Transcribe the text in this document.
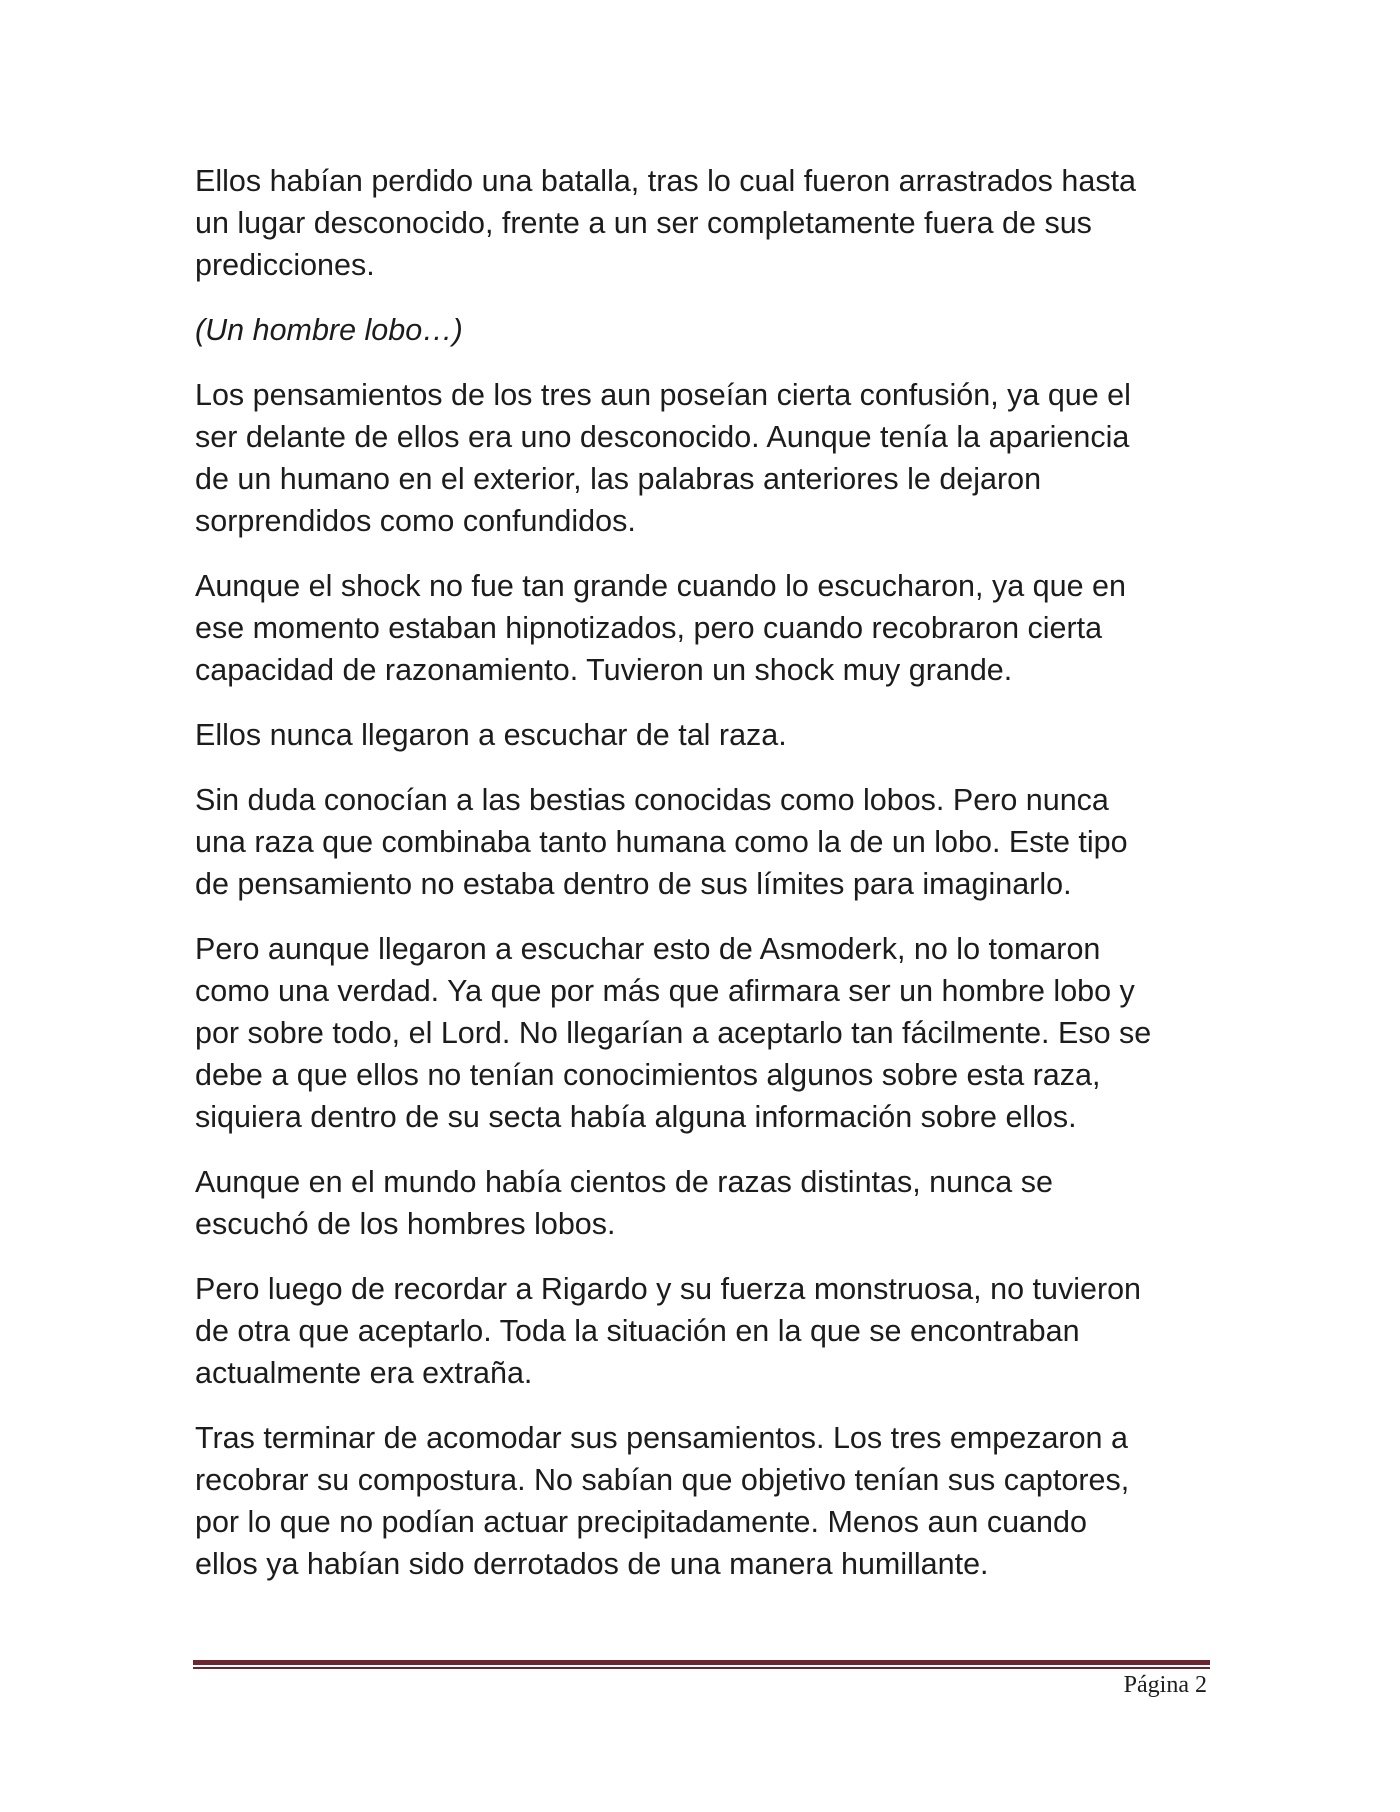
Ellos habían perdido una batalla, tras lo cual fueron arrastrados hasta
un lugar desconocido, frente a un ser completamente fuera de sus
predicciones.

(Un hombre lobo…)

Los pensamientos de los tres aun poseían cierta confusión, ya que el
ser delante de ellos era uno desconocido. Aunque tenía la apariencia
de un humano en el exterior, las palabras anteriores le dejaron
sorprendidos como confundidos.

Aunque el shock no fue tan grande cuando lo escucharon, ya que en
ese momento estaban hipnotizados, pero cuando recobraron cierta
capacidad de razonamiento. Tuvieron un shock muy grande.

Ellos nunca llegaron a escuchar de tal raza.

Sin duda conocían a las bestias conocidas como lobos. Pero nunca
una raza que combinaba tanto humana como la de un lobo. Este tipo
de pensamiento no estaba dentro de sus límites para imaginarlo.

Pero aunque llegaron a escuchar esto de Asmoderk, no lo tomaron
como una verdad. Ya que por más que afirmara ser un hombre lobo y
por sobre todo, el Lord. No llegarían a aceptarlo tan fácilmente. Eso se
debe a que ellos no tenían conocimientos algunos sobre esta raza,
siquiera dentro de su secta había alguna información sobre ellos.

Aunque en el mundo había cientos de razas distintas, nunca se
escuchó de los hombres lobos.

Pero luego de recordar a Rigardo y su fuerza monstruosa, no tuvieron
de otra que aceptarlo. Toda la situación en la que se encontraban
actualmente era extraña.

Tras terminar de acomodar sus pensamientos. Los tres empezaron a
recobrar su compostura. No sabían que objetivo tenían sus captores,
por lo que no podían actuar precipitadamente. Menos aun cuando
ellos ya habían sido derrotados de una manera humillante.

Página 2
